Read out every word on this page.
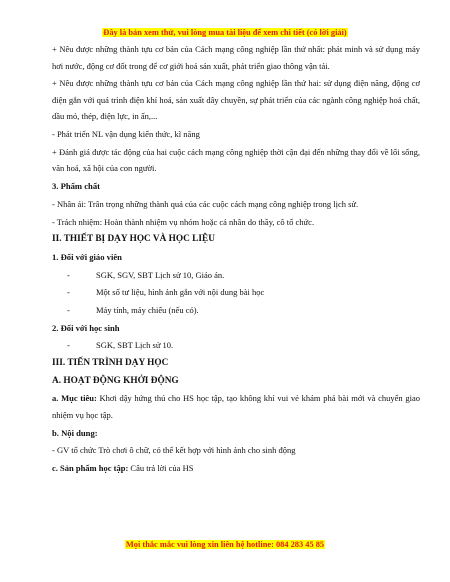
Đây là bản xem thử, vui lòng mua tài liệu để xem chi tiết (có lời giải)

+ Nêu được những thành tựu cơ bản của Cách mạng công nghiệp lần thứ nhất: phát minh và sử dụng máy hơi nước, động cơ đốt trong để cơ giới hoá sản xuất, phát triển giao thông vận tải.

+ Nêu được những thành tựu cơ bản của Cách mạng công nghiệp lần thứ hai: sử dụng điện năng, động cơ điện gắn với quá trình điện khí hoá, sản xuất dây chuyền, sự phát triển của các ngành công nghiệp hoá chất, dầu mỏ, thép, điện lực, in ấn,...

- Phát triển NL vận dụng kiến thức, kĩ năng

+ Đánh giá được tác động của hai cuộc cách mạng công nghiệp thời cận đại đến những thay đổi về lối sống, văn hoá, xã hội của con người.

3. Phẩm chất

- Nhân ái: Trân trọng những thành quả của các cuộc cách mạng công nghiệp trong lịch sử.

- Trách nhiệm: Hoàn thành nhiệm vụ nhóm hoặc cá nhân do thầy, cô tổ chức.

II. THIẾT BỊ DẠY HỌC VÀ HỌC LIỆU
1. Đối với giáo viên
- SGK, SGV, SBT Lịch sử 10, Giáo án.
- Một số tư liệu, hình ảnh gắn với nội dung bài học
- Máy tính, máy chiếu (nếu có).
2. Đối với học sinh
- SGK, SBT Lịch sử 10.
III. TIẾN TRÌNH DẠY HỌC
A. HOẠT ĐỘNG KHỞI ĐỘNG

a. Mục tiêu: Khơi dậy hứng thú cho HS học tập, tạo không khí vui vẻ khám phá bài mới và chuyển giao nhiệm vụ học tập.

b. Nội dung:

- GV tổ chức Trò chơi ô chữ, có thể kết hợp với hình ảnh cho sinh động

c. Sản phẩm học tập: Câu trả lời của HS

Mọi thắc mắc vui lòng xin liên hệ hotline: 084 283 45 85
